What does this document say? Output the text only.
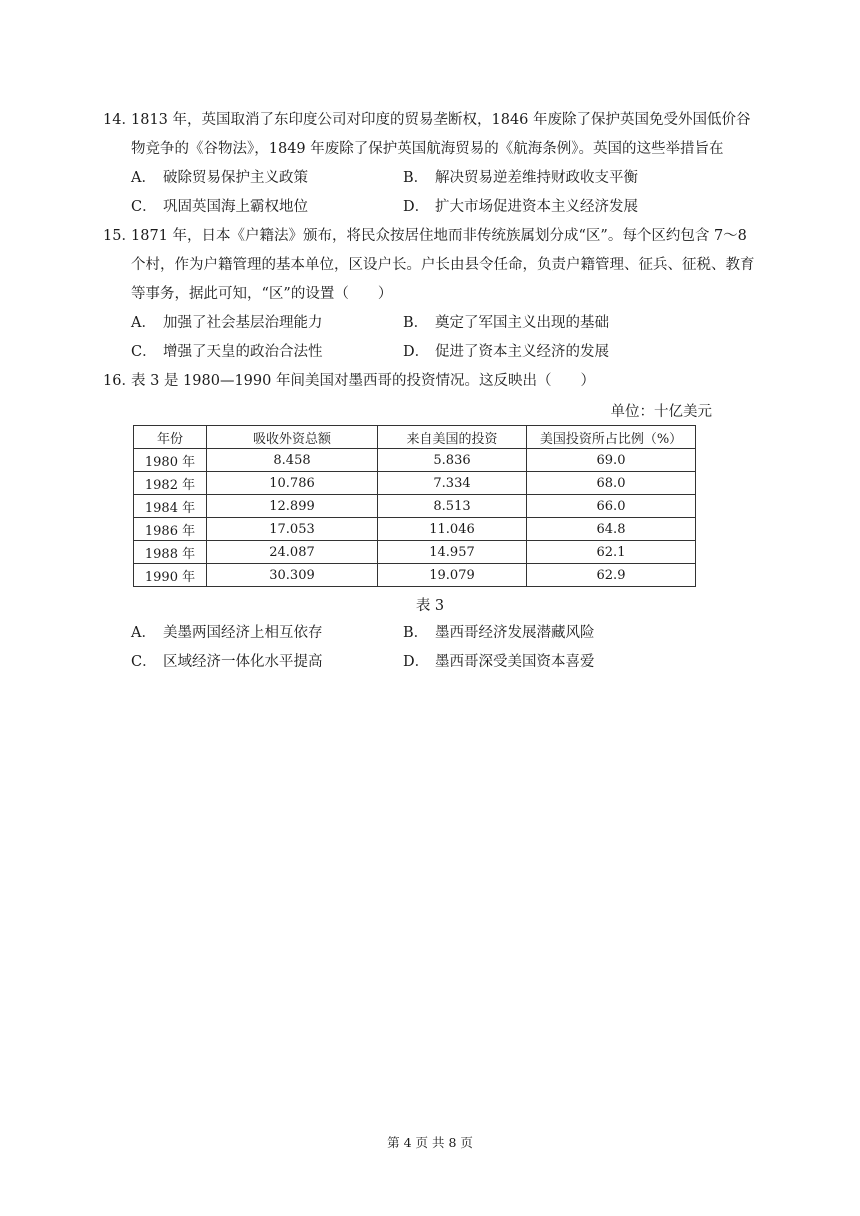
14．
1813 年，英国取消了东印度公司对印度的贸易垄断权，1846 年废除了保护英国免受外国低价谷物竞争的《谷物法》，1849 年废除了保护英国航海贸易的《航海条例》。英国的这些举措旨在
A． 破除贸易保护主义政策	B． 解决贸易逆差维持财政收支平衡
C． 巩固英国海上霸权地位	D． 扩大市场促进资本主义经济发展
15．
1871 年，日本《户籍法》颁布，将民众按居住地而非传统族属划分成“区”。每个区约包含 7～8 个村，作为户籍管理的基本单位，区设户长。户长由县令任命，负责户籍管理、征兵、征税、教育等事务，据此可知，“区”的设置（　　）
A． 加强了社会基层治理能力	B． 奠定了军国主义出现的基础
C． 增强了天皇的政治合法性	D． 促进了资本主义经济的发展
16．
表 3 是 1980—1990 年间美国对墨西哥的投资情况。这反映出（　　）
单位：十亿美元
年份	吸收外资总额	来自美国的投资	美国投资所占比例（%）
1980 年	8.458	5.836	69.0
1982 年	10.786	7.334	68.0
1984 年	12.899	8.513	66.0
1986 年	17.053	11.046	64.8
1988 年	24.087	14.957	62.1
1990 年	30.309	19.079	62.9
表 3
A． 美墨两国经济上相互依存	B． 墨西哥经济发展潜藏风险
C． 区域经济一体化水平提高	D． 墨西哥深受美国资本喜爱
第 4 页 共 8 页
